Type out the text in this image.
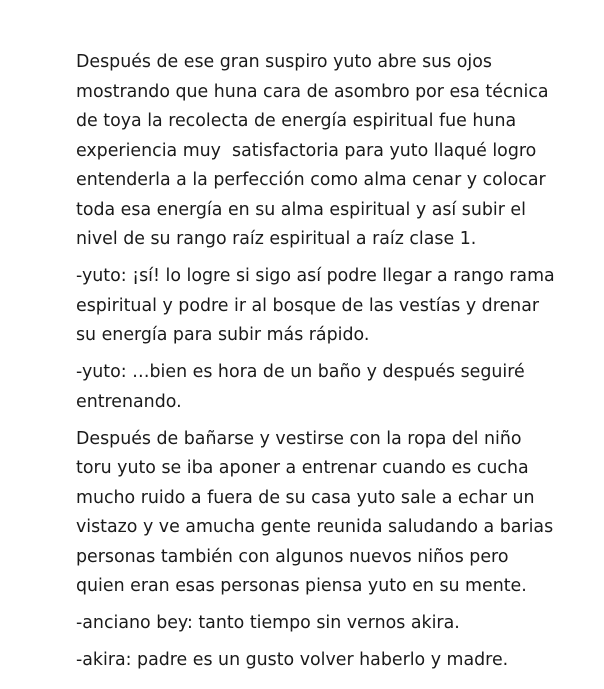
Después de ese gran suspiro yuto abre sus ojos
mostrando que huna cara de asombro por esa técnica
de toya la recolecta de energía espiritual fue huna
experiencia muy  satisfactoria para yuto llaqué logro
entenderla a la perfección como alma cenar y colocar
toda esa energía en su alma espiritual y así subir el
nivel de su rango raíz espiritual a raíz clase 1.

-yuto: ¡sí! lo logre si sigo así podre llegar a rango rama
espiritual y podre ir al bosque de las vestías y drenar
su energía para subir más rápido.

-yuto: …bien es hora de un baño y después seguiré
entrenando.

Después de bañarse y vestirse con la ropa del niño
toru yuto se iba aponer a entrenar cuando es cucha
mucho ruido a fuera de su casa yuto sale a echar un
vistazo y ve amucha gente reunida saludando a barias
personas también con algunos nuevos niños pero
quien eran esas personas piensa yuto en su mente.

-anciano bey: tanto tiempo sin vernos akira.

-akira: padre es un gusto volver haberlo y madre.
